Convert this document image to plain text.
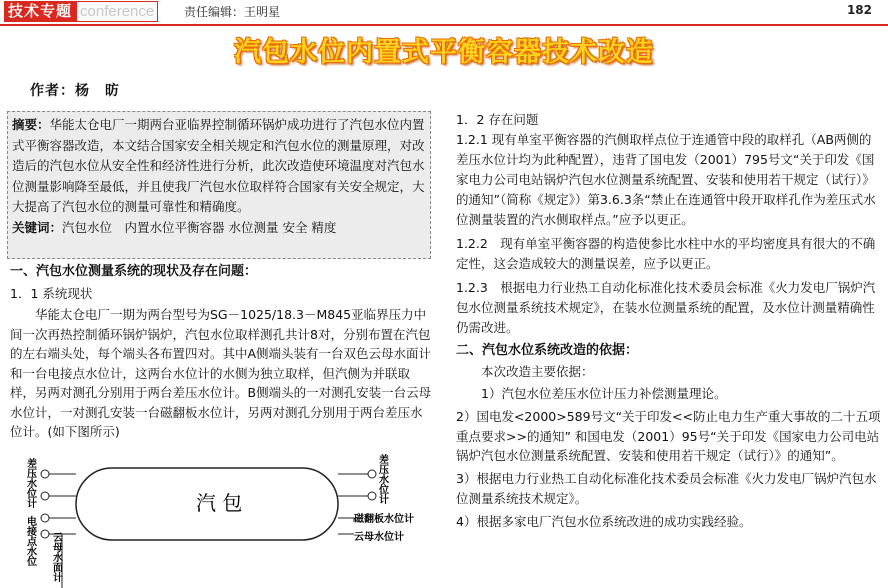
技术专题 conference	责任编辑：王明星	182
汽包水位内置式平衡容器技术改造
作者：杨　昉
摘要：华能太仓电厂一期两台亚临界控制循环锅炉成功进行了汽包水位内置式平衡容器改造，本文结合国家安全相关规定和汽包水位的测量原理，对改造后的汽包水位从安全性和经济性进行分析，此次改造使环境温度对汽包水位测量影响降至最低，并且使我厂汽包水位取样符合国家有关安全规定，大大提高了汽包水位的测量可靠性和精确度。
关键词：汽包水位　内置水位平衡容器 水位测量 安全 精度
一、汽包水位测量系统的现状及存在问题：
1．1 系统现状
华能太仓电厂一期为两台型号为SG－1025/18.3－M845亚临界压力中间一次再热控制循环锅炉锅炉，汽包水位取样测孔共计8对，分别布置在汽包的左右端头处，每个端头各布置四对。其中A侧端头装有一台双色云母水面计和一台电接点水位计，这两台水位计的水侧为独立取样，但汽侧为并联取样，另两对测孔分别用于两台差压水位计。B侧端头的一对测孔安装一台云母水位计，一对测孔安装一台磁翻板水位计，另两对测孔分别用于两台差压水位计。(如下图所示)
汽 包
差压水位计
电接点水位 云母水面计
差压水位计
磁翻板水位计
云母水位计
1．2 存在问题
1.2.1 现有单室平衡容器的汽侧取样点位于连通管中段的取样孔（AB两侧的差压水位计均为此种配置），违背了国电发（2001）795号文“关于印发《国家电力公司电站锅炉汽包水位测量系统配置、安装和使用若干规定（试行）》的通知”（简称《规定》）第3.6.3条“禁止在连通管中段开取样孔作为差压式水位测量装置的汽水侧取样点。”应予以更正。
1.2.2　现有单室平衡容器的构造使参比水柱中水的平均密度具有很大的不确定性，这会造成较大的测量误差，应予以更正。
1.2.3　根据电力行业热工自动化标准化技术委员会标准《火力发电厂锅炉汽包水位测量系统技术规定》，在装水位测量系统的配置，及水位计测量精确性仍需改进。
二、汽包水位系统改造的依据：
本次改造主要依据：
1）汽包水位差压水位计压力补偿测量理论。
2）国电发<2000>589号文“关于印发<<防止电力生产重大事故的二十五项重点要求>>的通知” 和国电发（2001）95号“关于印发《国家电力公司电站锅炉汽包水位测量系统配置、安装和使用若干规定（试行）》的通知”。
3）根据电力行业热工自动化标准化技术委员会标准《火力发电厂锅炉汽包水位测量系统技术规定》。
4）根据多家电厂汽包水位系统改进的成功实践经验。
